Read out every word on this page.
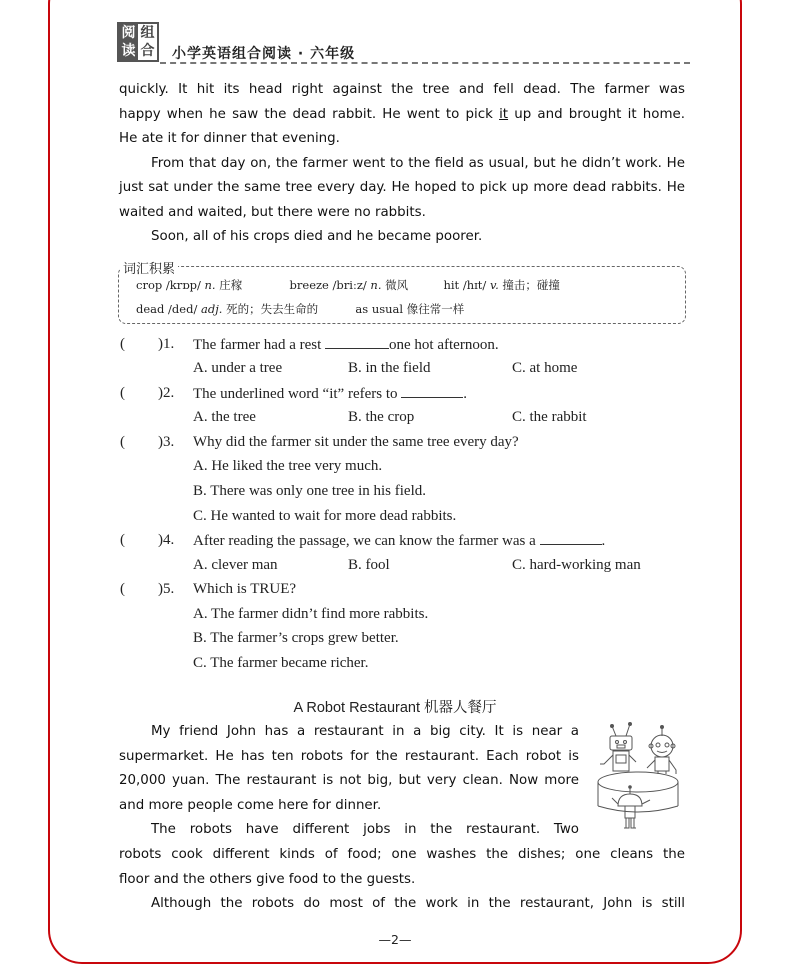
阅 组
读 合 小学英语组合阅读 · 六年级

quickly. It hit its head right against the tree and fell dead. The farmer was

happy when he saw the dead rabbit. He went to pick it up and brought it home.

He ate it for dinner that evening.

From that day on, the farmer went to the field as usual, but he didn’t work. He just sat under the same tree every day. He hoped to pick up more dead rabbits. He waited and waited, but there were no rabbits.

Soon, all of his crops died and he became poorer.

词汇积累
crop /krɒp/ n. 庄稼	breeze /briːz/ n. 微风	hit /hɪt/ v. 撞击；碰撞
dead /ded/ adj. 死的；失去生命的	as usual 像往常一样
( )1. The farmer had a rest	one hot afternoon.
A. under a tree	B. in the field	C. at home
( )2. The underlined word “it” refers to	.
A. the tree	B. the crop	C. the rabbit
( )3. Why did the farmer sit under the same tree every day?
A. He liked the tree very much.
B. There was only one tree in his field.
C. He wanted to wait for more dead rabbits.
( )4. After reading the passage, we can know the farmer was a	.
A. clever man	B. fool	C. hard-working man
( )5. Which is TRUE?
A. The farmer didn’t find more rabbits.
B. The farmer’s crops grew better.
C. The farmer became richer.
A Robot Restaurant 机器人餐厅

My friend John has a restaurant in a big city. It is near a

supermarket. He has ten robots for the restaurant. Each robot is

20,000 yuan. The restaurant is not big, but very clean. Now more

and more people come here for dinner.

The robots have different jobs in the restaurant. Two

robots cook different kinds of food; one washes the dishes; one cleans the

floor and the others give food to the guests.

Although the robots do most of the work in the restaurant, John is still

—2—
